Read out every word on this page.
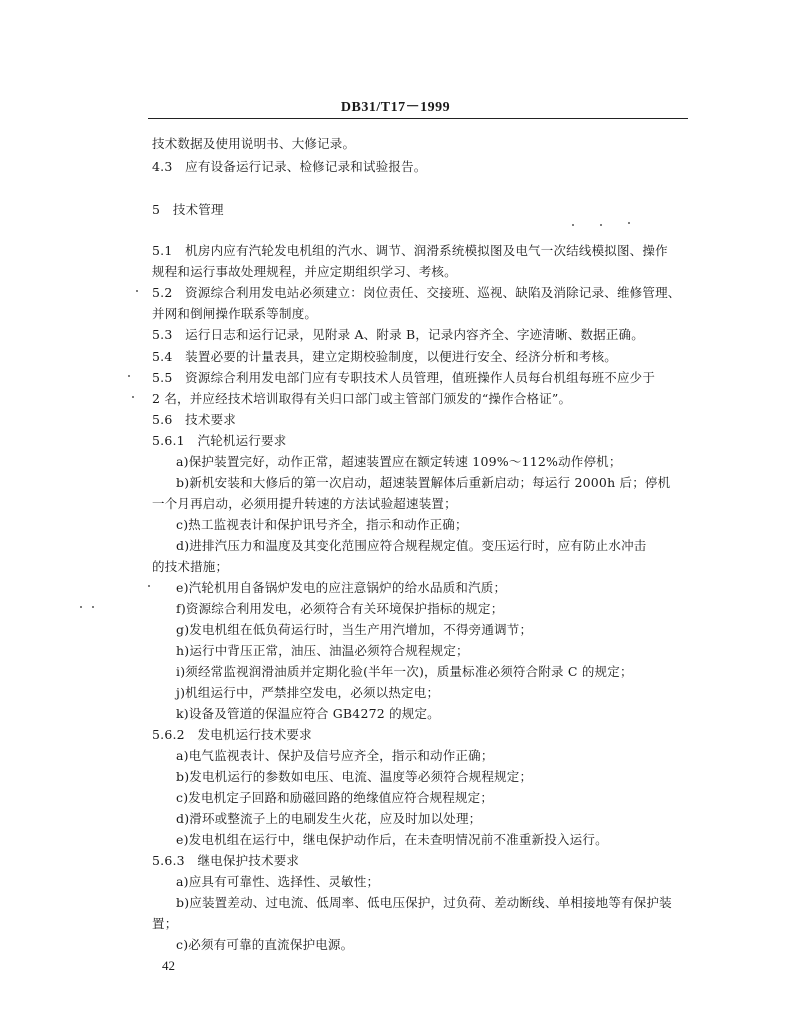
DB31/T17－1999
技术数据及使用说明书、大修记录。
4.3　应有设备运行记录、检修记录和试验报告。
5　技术管理
5.1　机房内应有汽轮发电机组的汽水、调节、润滑系统模拟图及电气一次结线模拟图、操作
规程和运行事故处理规程，并应定期组织学习、考核。
5.2　资源综合利用发电站必须建立：岗位责任、交接班、巡视、缺陷及消除记录、维修管理、
并网和倒闸操作联系等制度。
5.3　运行日志和运行记录，见附录 A、附录 B，记录内容齐全、字迹清晰、数据正确。
5.4　装置必要的计量表具，建立定期校验制度，以便进行安全、经济分析和考核。
5.5　资源综合利用发电部门应有专职技术人员管理，值班操作人员每台机组每班不应少于
2 名，并应经技术培训取得有关归口部门或主管部门颁发的“操作合格证”。
5.6　技术要求
5.6.1　汽轮机运行要求
a)保护装置完好，动作正常，超速装置应在额定转速 109%～112%动作停机；
b)新机安装和大修后的第一次启动，超速装置解体后重新启动；每运行 2000h 后；停机
一个月再启动，必须用提升转速的方法试验超速装置；
c)热工监视表计和保护讯号齐全，指示和动作正确；
d)进排汽压力和温度及其变化范围应符合规程规定值。变压运行时，应有防止水冲击
的技术措施；
e)汽轮机用自备锅炉发电的应注意锅炉的给水品质和汽质；
f)资源综合利用发电，必须符合有关环境保护指标的规定；
g)发电机组在低负荷运行时，当生产用汽增加，不得旁通调节；
h)运行中背压正常，油压、油温必须符合规程规定；
i)须经常监视润滑油质并定期化验(半年一次)，质量标准必须符合附录 C 的规定；
j)机组运行中，严禁排空发电，必须以热定电；
k)设备及管道的保温应符合 GB4272 的规定。
5.6.2　发电机运行技术要求
a)电气监视表计、保护及信号应齐全，指示和动作正确；
b)发电机运行的参数如电压、电流、温度等必须符合规程规定；
c)发电机定子回路和励磁回路的绝缘值应符合规程规定；
d)滑环或整流子上的电刷发生火花，应及时加以处理；
e)发电机组在运行中，继电保护动作后，在未查明情况前不准重新投入运行。
5.6.3　继电保护技术要求
a)应具有可靠性、选择性、灵敏性；
b)应装置差动、过电流、低周率、低电压保护，过负荷、差动断线、单相接地等有保护装
置；
c)必须有可靠的直流保护电源。
42
